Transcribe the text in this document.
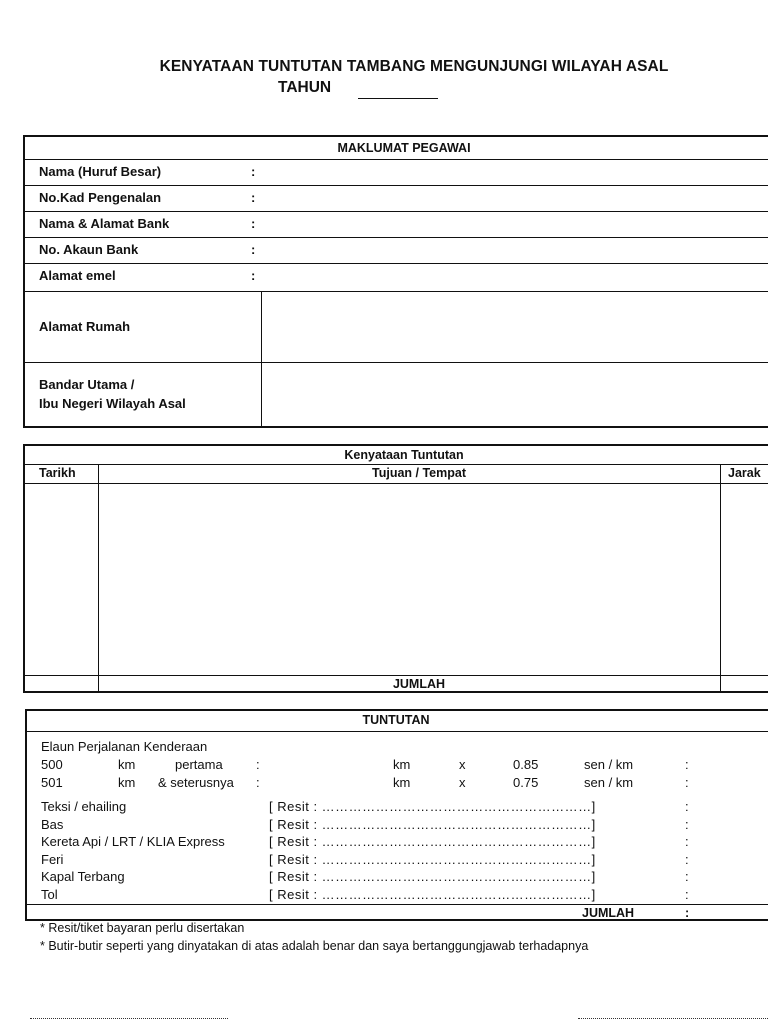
KENYATAAN TUNTUTAN TAMBANG MENGUNJUNGI WILAYAH ASAL
TAHUN
MAKLUMAT PEGAWAI
Nama (Huruf Besar)	:
No.Kad Pengenalan	:
Nama & Alamat Bank	:
No. Akaun Bank	:
Alamat emel	:
Alamat Rumah
Bandar Utama /
Ibu Negeri Wilayah Asal
Kenyataan Tuntutan
Tarikh	Tujuan / Tempat	Jarak
JUMLAH
TUNTUTAN
Elaun Perjalanan Kenderaan
500	km	pertama	:	km	x	0.85	sen / km	:
501	km & seterusnya :	km	x	0.75	sen / km	:
Teksi / ehailing	[ Resit : ……………………………………………………]	:
Bas	[ Resit : ……………………………………………………]	:
Kereta Api / LRT / KLIA Express	[ Resit : ……………………………………………………]	:
Feri	[ Resit : ……………………………………………………]	:
Kapal Terbang	[ Resit : ……………………………………………………]	:
Tol	[ Resit : ……………………………………………………]	:
JUMLAH	:
* Resit/tiket bayaran perlu disertakan
* Butir-butir seperti yang dinyatakan di atas adalah benar dan saya bertanggungjawab terhadapnya
